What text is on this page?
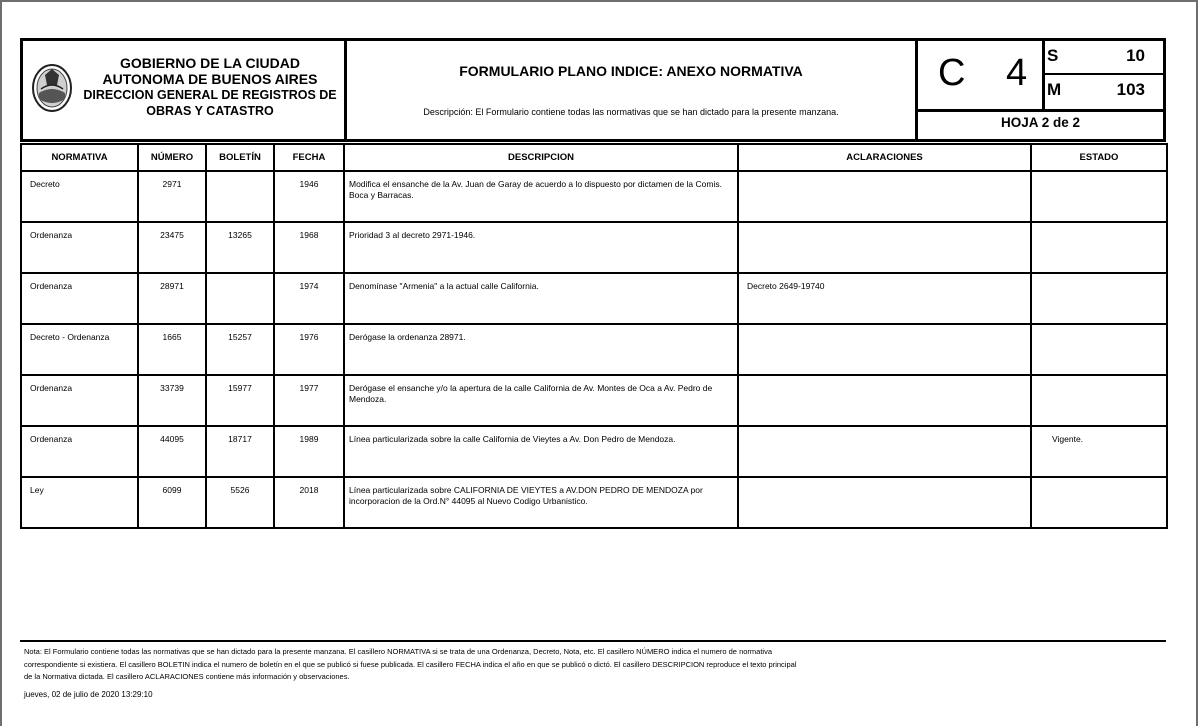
GOBIERNO DE LA CIUDAD
AUTONOMA DE BUENOS AIRES
DIRECCION GENERAL DE REGISTROS DE
OBRAS Y CATASTRO
FORMULARIO PLANO INDICE: ANEXO NORMATIVA
Descripción: El Formulario contiene todas las normativas que se han dictado para la presente manzana.
C 4 S	10
M	103
HOJA 2 de 2
NORMATIVA	NÚMERO	BOLETÍN	FECHA	DESCRIPCION	ACLARACIONES	ESTADO
Decreto	2971		1946	Modifica el ensanche de la Av. Juan de Garay de acuerdo a lo dispuesto por dictamen de la Comis. Boca y Barracas.		
Ordenanza	23475	13265	1968	Prioridad 3 al decreto 2971-1946.		
Ordenanza	28971		1974	Denomínase "Armenia" a la actual calle California.	Decreto 2649-19740	
Decreto - Ordenanza	1665	15257	1976	Derógase la ordenanza 28971.		
Ordenanza	33739	15977	1977	Derógase el ensanche y/o la apertura de la calle California de Av. Montes de Oca a Av. Pedro de Mendoza.		
Ordenanza	44095	18717	1989	Línea particularizada sobre la calle California de Vieytes a Av. Don Pedro de Mendoza.		Vigente.
Ley	6099	5526	2018	Línea particularizada sobre CALIFORNIA DE VIEYTES a AV.DON PEDRO DE MENDOZA por incorporacion de la Ord.N° 44095 al Nuevo Codigo Urbanistico.		
Nota: El Formulario contiene todas las normativas que se han dictado para la presente manzana. El casillero NORMATIVA si se trata de una Ordenanza, Decreto, Nota, etc. El casillero NÚMERO indica el numero de normativa
correspondiente si existiera. El casillero BOLETIN indica el numero de boletín en el que se publicó si fuese publicada. El casillero FECHA indica el año en que se publicó o dictó. El casillero DESCRIPCION reproduce el texto principal
de la Normativa dictada. El casillero ACLARACIONES contiene más información y observaciones.
jueves, 02 de julio de 2020 13:29:10
